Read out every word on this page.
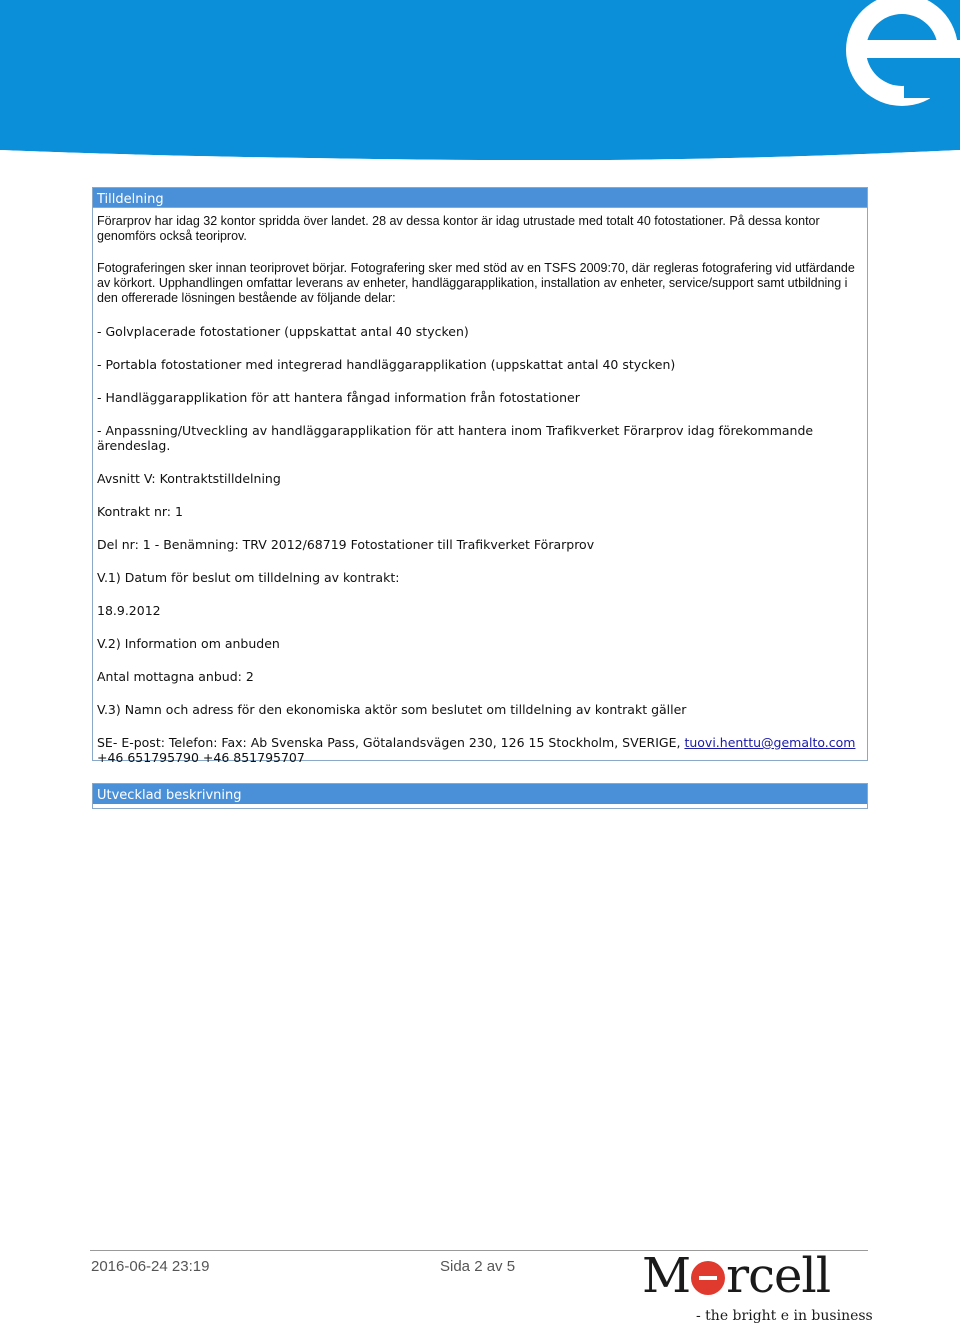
Tilldelning

Förarprov har idag 32 kontor spridda över landet. 28 av dessa kontor är idag utrustade med totalt 40 fotostationer. På dessa kontor genomförs också teoriprov.

Fotograferingen sker innan teoriprovet börjar. Fotografering sker med stöd av en TSFS 2009:70, där regleras fotografering vid utfärdande av körkort. Upphandlingen omfattar leverans av enheter, handläggarapplikation, installation av enheter, service/support samt utbildning i den offererade lösningen bestående av följande delar:

- Golvplacerade fotostationer (uppskattat antal 40 stycken)

- Portabla fotostationer med integrerad handläggarapplikation (uppskattat antal 40 stycken)

- Handläggarapplikation för att hantera fångad information från fotostationer

- Anpassning/Utveckling av handläggarapplikation för att hantera inom Trafikverket Förarprov idag förekommande ärendeslag.

Avsnitt V: Kontraktstilldelning

Kontrakt nr: 1

Del nr: 1 - Benämning: TRV 2012/68719 Fotostationer till Trafikverket Förarprov

V.1) Datum för beslut om tilldelning av kontrakt:

18.9.2012

V.2) Information om anbuden

Antal mottagna anbud: 2

V.3) Namn och adress för den ekonomiska aktör som beslutet om tilldelning av kontrakt gäller

SE- E-post: Telefon: Fax: Ab Svenska Pass, Götalandsvägen 230, 126 15 Stockholm, SVERIGE, tuovi.henttu@gemalto.com +46 651795790 +46 851795707

Utvecklad beskrivning
2016-06-24 23:19	Sida 2 av 5	M rcell
- the bright e in business
